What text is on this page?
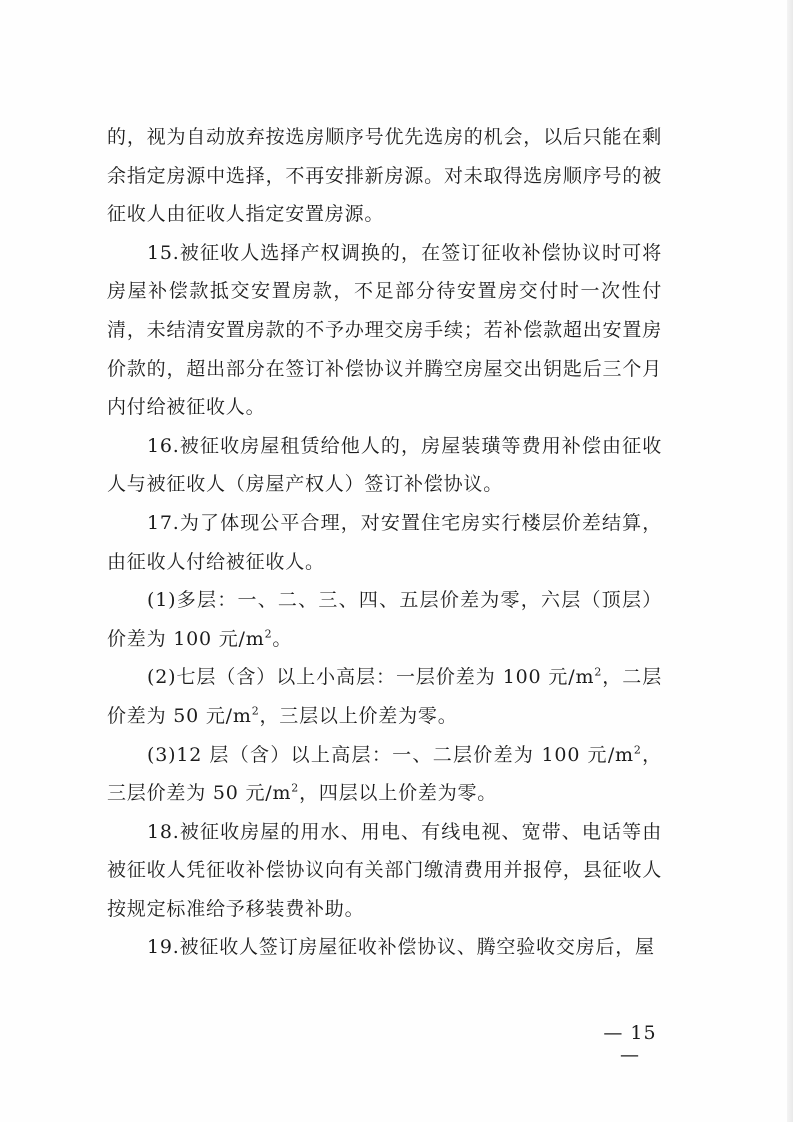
的，视为自动放弃按选房顺序号优先选房的机会，以后只能在剩余指定房源中选择，不再安排新房源。对未取得选房顺序号的被征收人由征收人指定安置房源。

15.被征收人选择产权调换的，在签订征收补偿协议时可将房屋补偿款抵交安置房款，不足部分待安置房交付时一次性付清，未结清安置房款的不予办理交房手续；若补偿款超出安置房价款的，超出部分在签订补偿协议并腾空房屋交出钥匙后三个月内付给被征收人。

16.被征收房屋租赁给他人的，房屋装璜等费用补偿由征收人与被征收人（房屋产权人）签订补偿协议。

17.为了体现公平合理，对安置住宅房实行楼层价差结算，由征收人付给被征收人。

(1)多层：一、二、三、四、五层价差为零，六层（顶层）价差为 100 元$/m^2$。

(2)七层（含）以上小高层：一层价差为 100 元$/m^2$，二层价差为 50 元$/m^2$，三层以上价差为零。

(3)12 层（含）以上高层：一、二层价差为 100 元$/m^2$，三层价差为 50 元$/m^2$，四层以上价差为零。

18.被征收房屋的用水、用电、有线电视、宽带、电话等由被征收人凭征收补偿协议向有关部门缴清费用并报停，县征收人按规定标准给予移装费补助。

19.被征收人签订房屋征收补偿协议、腾空验收交房后，屋

— 15 —
